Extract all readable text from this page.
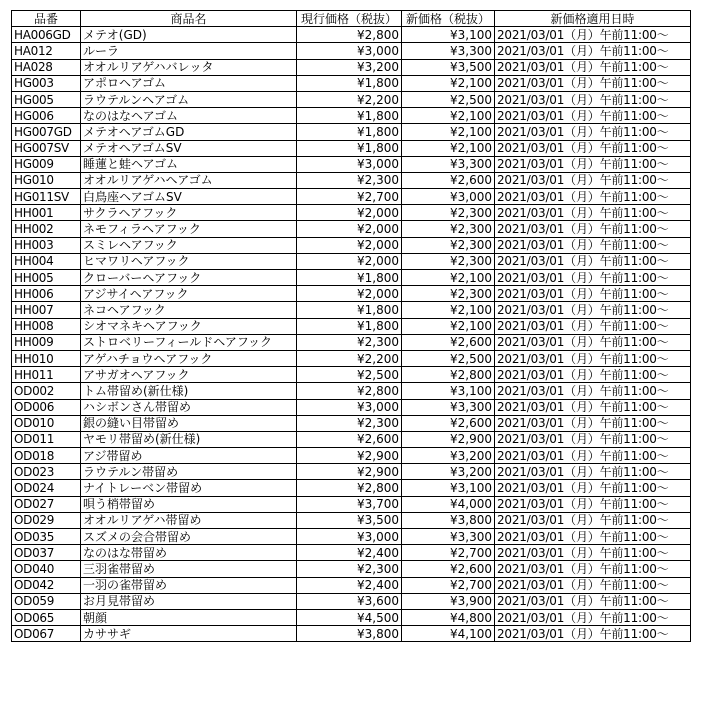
品番	商品名	現行価格（税抜）	新価格（税抜）	新価格適用日時
HA006GD	メテオ(GD)	¥2,800	¥3,100	2021/03/01（月）午前11:00～
HA012	ルーラ	¥3,000	¥3,300	2021/03/01（月）午前11:00～
HA028	オオルリアゲハバレッタ	¥3,200	¥3,500	2021/03/01（月）午前11:00～
HG003	アポロヘアゴム	¥1,800	¥2,100	2021/03/01（月）午前11:00～
HG005	ラウテルンヘアゴム	¥2,200	¥2,500	2021/03/01（月）午前11:00～
HG006	なのはなヘアゴム	¥1,800	¥2,100	2021/03/01（月）午前11:00～
HG007GD	メテオヘアゴムGD	¥1,800	¥2,100	2021/03/01（月）午前11:00～
HG007SV	メテオヘアゴムSV	¥1,800	¥2,100	2021/03/01（月）午前11:00～
HG009	睡蓮と蛙ヘアゴム	¥3,000	¥3,300	2021/03/01（月）午前11:00～
HG010	オオルリアゲハヘアゴム	¥2,300	¥2,600	2021/03/01（月）午前11:00～
HG011SV	白鳥座ヘアゴムSV	¥2,700	¥3,000	2021/03/01（月）午前11:00～
HH001	サクラヘアフック	¥2,000	¥2,300	2021/03/01（月）午前11:00～
HH002	ネモフィラヘアフック	¥2,000	¥2,300	2021/03/01（月）午前11:00～
HH003	スミレヘアフック	¥2,000	¥2,300	2021/03/01（月）午前11:00～
HH004	ヒマワリヘアフック	¥2,000	¥2,300	2021/03/01（月）午前11:00～
HH005	クローバーヘアフック	¥1,800	¥2,100	2021/03/01（月）午前11:00～
HH006	アジサイヘアフック	¥2,000	¥2,300	2021/03/01（月）午前11:00～
HH007	ネコヘアフック	¥1,800	¥2,100	2021/03/01（月）午前11:00～
HH008	シオマネキヘアフック	¥1,800	¥2,100	2021/03/01（月）午前11:00～
HH009	ストロベリーフィールドヘアフック	¥2,300	¥2,600	2021/03/01（月）午前11:00～
HH010	アゲハチョウヘアフック	¥2,200	¥2,500	2021/03/01（月）午前11:00～
HH011	アサガオヘアフック	¥2,500	¥2,800	2021/03/01（月）午前11:00～
OD002	トム帯留め(新仕様)	¥2,800	¥3,100	2021/03/01（月）午前11:00～
OD006	ハシボンさん帯留め	¥3,000	¥3,300	2021/03/01（月）午前11:00～
OD010	銀の縫い目帯留め	¥2,300	¥2,600	2021/03/01（月）午前11:00～
OD011	ヤモリ帯留め(新仕様)	¥2,600	¥2,900	2021/03/01（月）午前11:00～
OD018	アジ帯留め	¥2,900	¥3,200	2021/03/01（月）午前11:00～
OD023	ラウテルン帯留め	¥2,900	¥3,200	2021/03/01（月）午前11:00～
OD024	ナイトレーベン帯留め	¥2,800	¥3,100	2021/03/01（月）午前11:00～
OD027	唄う梢帯留め	¥3,700	¥4,000	2021/03/01（月）午前11:00～
OD029	オオルリアゲハ帯留め	¥3,500	¥3,800	2021/03/01（月）午前11:00～
OD035	スズメの会合帯留め	¥3,000	¥3,300	2021/03/01（月）午前11:00～
OD037	なのはな帯留め	¥2,400	¥2,700	2021/03/01（月）午前11:00～
OD040	三羽雀帯留め	¥2,300	¥2,600	2021/03/01（月）午前11:00～
OD042	一羽の雀帯留め	¥2,400	¥2,700	2021/03/01（月）午前11:00～
OD059	お月見帯留め	¥3,600	¥3,900	2021/03/01（月）午前11:00～
OD065	朝顔	¥4,500	¥4,800	2021/03/01（月）午前11:00～
OD067	カササギ	¥3,800	¥4,100	2021/03/01（月）午前11:00～
